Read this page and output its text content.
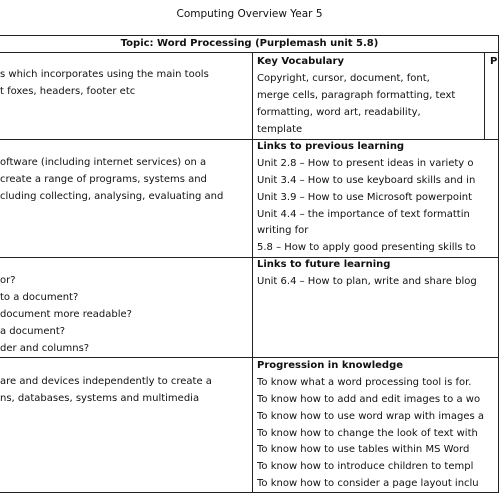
Computing Overview Year 5
Topic: Word Processing (Purplemash unit 5.8)
s which incorporates using the main tools
t foxes, headers, footer etc
Key Vocabulary
Copyright, cursor, document, font,
merge cells, paragraph formatting, text
formatting, word art, readability,
template
P
oftware (including internet services) on a
create a range of programs, systems and
cluding collecting, analysing, evaluating and
Links to previous learning
Unit 2.8 – How to present ideas in variety o
Unit 3.4 – How to use keyboard skills and in
Unit 3.9 – How to use Microsoft powerpoint
Unit 4.4 – the importance of text formattin
writing for
5.8 – How to apply good presenting skills to
or?
to a document?
document more readable?
a document?
der and columns?
Links to future learning
Unit 6.4 – How to plan, write and share blog
are and devices independently to create a
ns, databases, systems and multimedia
Progression in knowledge
To know what a word processing tool is for.
To know how to add and edit images to a wo
To know how to use word wrap with images a
To know how to change the look of text with
To know how to use tables within MS Word
To know how to introduce children to templ
To know how to consider a page layout inclu
